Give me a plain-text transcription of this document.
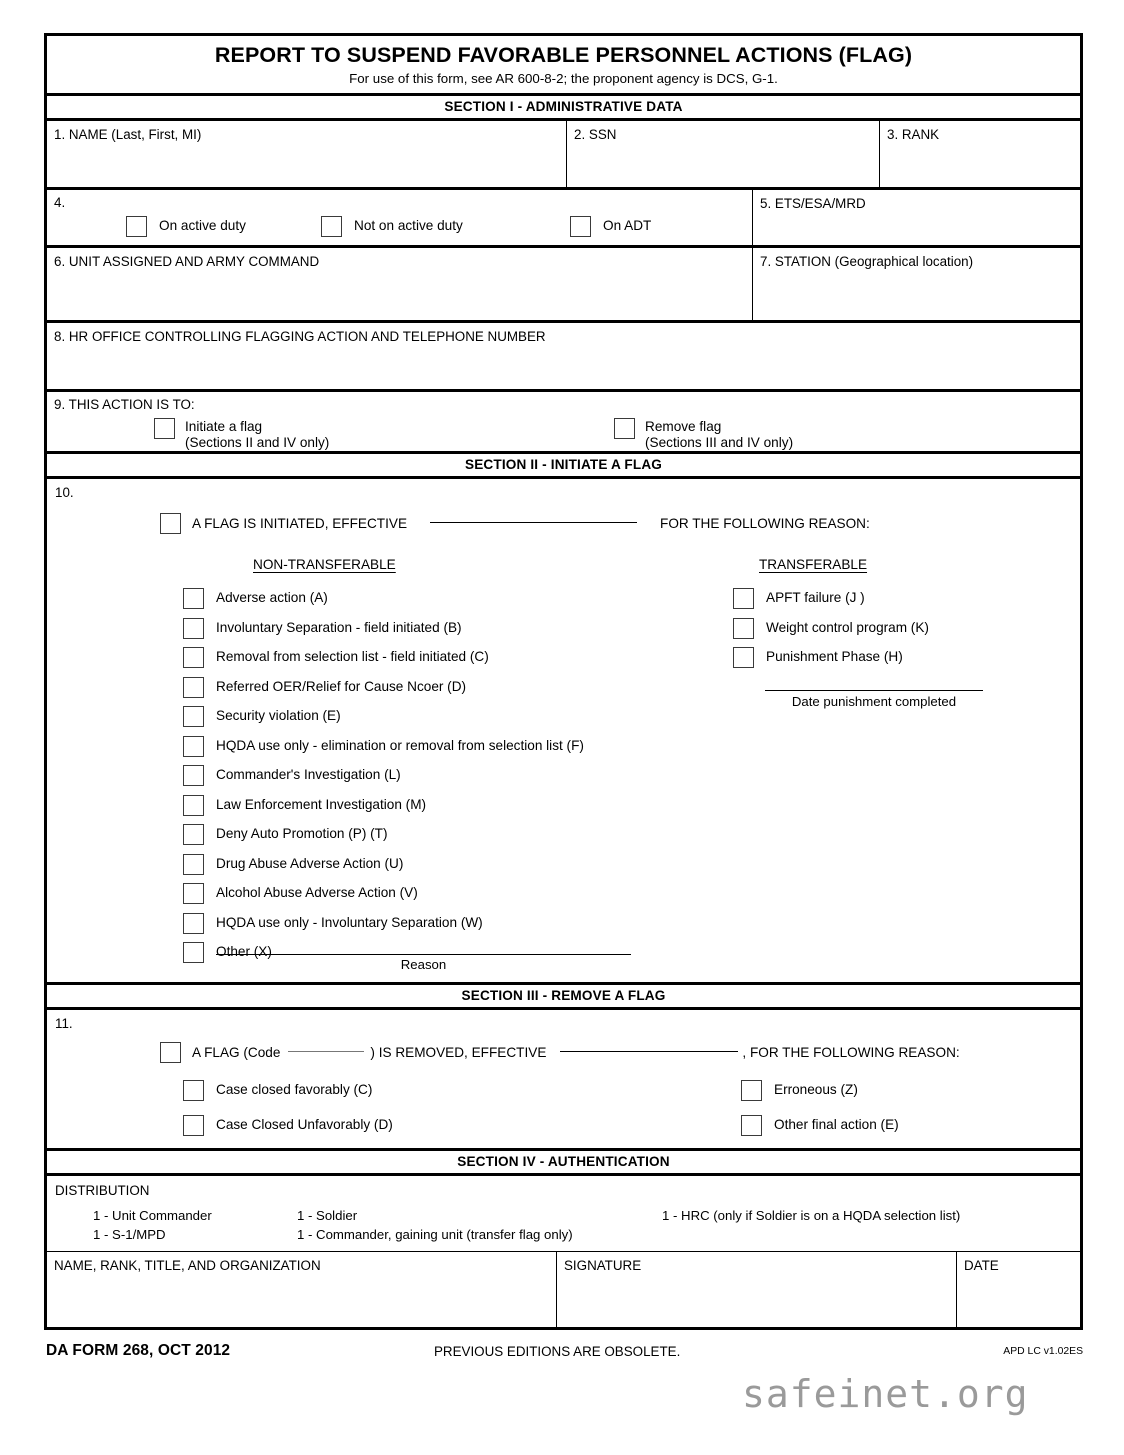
REPORT TO SUSPEND FAVORABLE PERSONNEL ACTIONS (FLAG)
For use of this form, see AR 600-8-2; the proponent agency is DCS, G-1.
SECTION I - ADMINISTRATIVE DATA
1. NAME (Last, First, MI)	2. SSN	3. RANK
4.
On active duty	Not on active duty	On ADT
5. ETS/ESA/MRD
6. UNIT ASSIGNED AND ARMY COMMAND	7. STATION (Geographical location)
8. HR OFFICE CONTROLLING FLAGGING ACTION AND TELEPHONE NUMBER
9. THIS ACTION IS TO:
Initiate a flag
(Sections II and IV only)
Remove flag
(Sections III and IV only)
SECTION II - INITIATE A FLAG
10.
A FLAG IS INITIATED, EFFECTIVE	FOR THE FOLLOWING REASON:
NON-TRANSFERABLE
Adverse action (A)
Involuntary Separation - field initiated (B)
Removal from selection list - field initiated (C)
Referred OER/Relief for Cause Ncoer (D)
Security violation (E)
HQDA use only - elimination or removal from selection list (F)
Commander's Investigation (L)
Law Enforcement Investigation (M)
Deny Auto Promotion (P) (T)
Drug Abuse Adverse Action (U)
Alcohol Abuse Adverse Action (V)
HQDA use only - Involuntary Separation (W)
Other (X)
Reason
TRANSFERABLE
APFT failure (J )
Weight control program (K)
Punishment Phase (H)
Date punishment completed
SECTION III - REMOVE A FLAG
11.
A FLAG (Code	) IS REMOVED, EFFECTIVE	, FOR THE FOLLOWING REASON:
Case closed favorably (C)
Case Closed Unfavorably (D)
Erroneous (Z)
Other final action (E)
SECTION IV - AUTHENTICATION
DISTRIBUTION
1 - Unit Commander	1 - Soldier	1 - HRC (only if Soldier is on a HQDA selection list)
1 - S-1/MPD	1 - Commander, gaining unit (transfer flag only)
NAME, RANK, TITLE, AND ORGANIZATION	SIGNATURE	DATE
DA FORM 268, OCT 2012	PREVIOUS EDITIONS ARE OBSOLETE.	APD LC v1.02ES
safeinet.org
